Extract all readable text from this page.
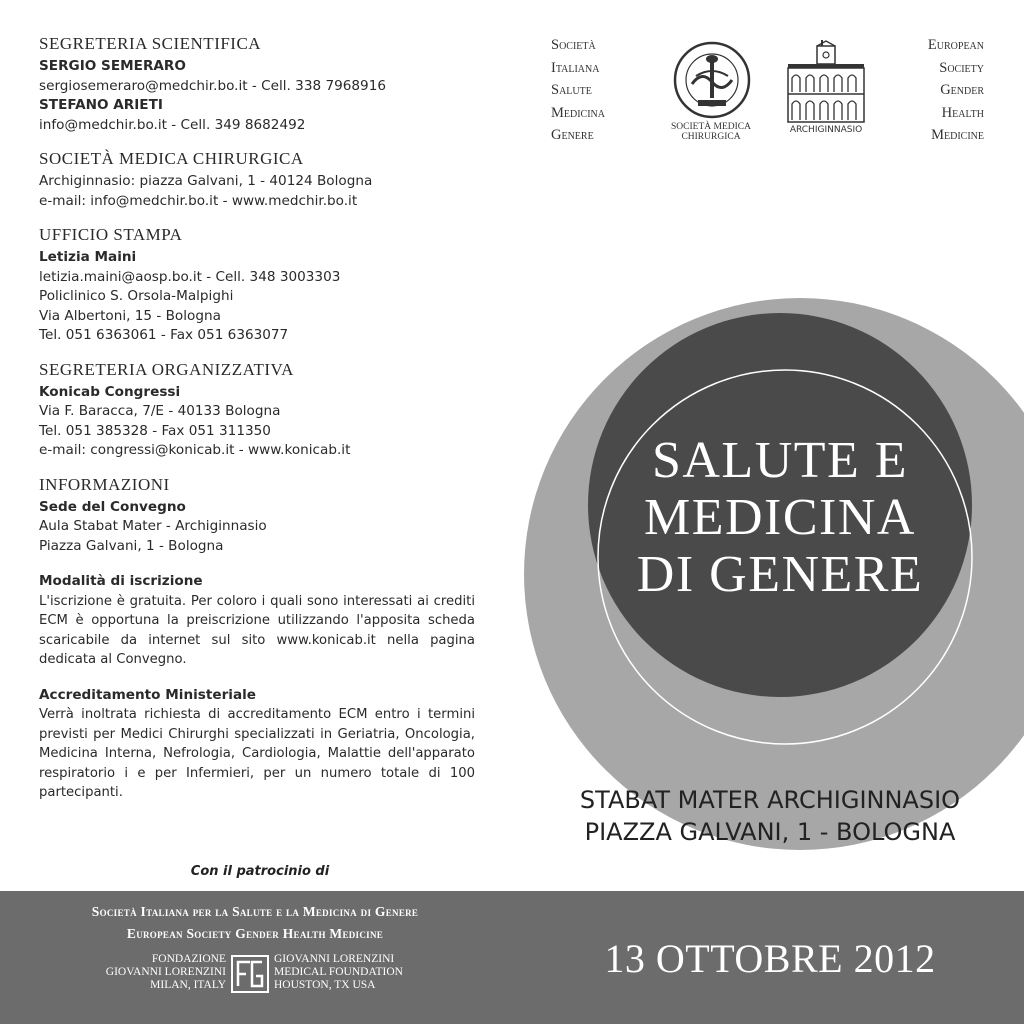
SEGRETERIA SCIENTIFICA
SERGIO SEMERARO
sergiosemeraro@medchir.bo.it - Cell. 338 7968916
STEFANO ARIETI
info@medchir.bo.it - Cell. 349 8682492
SOCIETÀ MEDICA CHIRURGICA
Archiginnasio: piazza Galvani, 1 - 40124 Bologna
e-mail: info@medchir.bo.it - www.medchir.bo.it
UFFICIO STAMPA
Letizia Maini
letizia.maini@aosp.bo.it - Cell. 348 3003303
Policlinico S. Orsola-Malpighi
Via Albertoni, 15 - Bologna
Tel. 051 6363061 - Fax 051 6363077
SEGRETERIA ORGANIZZATIVA
Konicab Congressi
Via F. Baracca, 7/E - 40133 Bologna
Tel. 051 385328 - Fax 051 311350
e-mail: congressi@konicab.it - www.konicab.it
INFORMAZIONI
Sede del Convegno
Aula Stabat Mater - Archiginnasio
Piazza Galvani, 1 - Bologna
Modalità di iscrizione

L'iscrizione è gratuita. Per coloro i quali sono interessati ai crediti ECM è opportuna la preiscrizione utilizzando l'apposita scheda scaricabile da internet sul sito www.konicab.it nella pagina dedicata al Convegno.

Accreditamento Ministeriale

Verrà inoltrata richiesta di accreditamento ECM entro i termini previsti per Medici Chirurghi specializzati in Geriatria, Oncologia, Medicina Interna, Nefrologia, Cardiologia, Malattie dell'apparato respiratorio i e per Infermieri, per un numero totale di 100 partecipanti.

Società
Italiana
Salute
Medicina
Genere
SOCIETÀ MEDICA
CHIRURGICA
ARCHIGINNASIO
European
Society
Gender
Health
Medicine
SALUTE E
MEDICINA
DI GENERE
STABAT MATER ARCHIGINNASIO
PIAZZA GALVANI, 1 - BOLOGNA
Con il patrocinio di
Società Italiana per la Salute e la Medicina di Genere
European Society Gender Health Medicine
FONDAZIONE
GIOVANNI LORENZINI
MILAN, ITALY
GIOVANNI LORENZINI
MEDICAL FOUNDATION
HOUSTON, TX USA
13 OTTOBRE 2012
